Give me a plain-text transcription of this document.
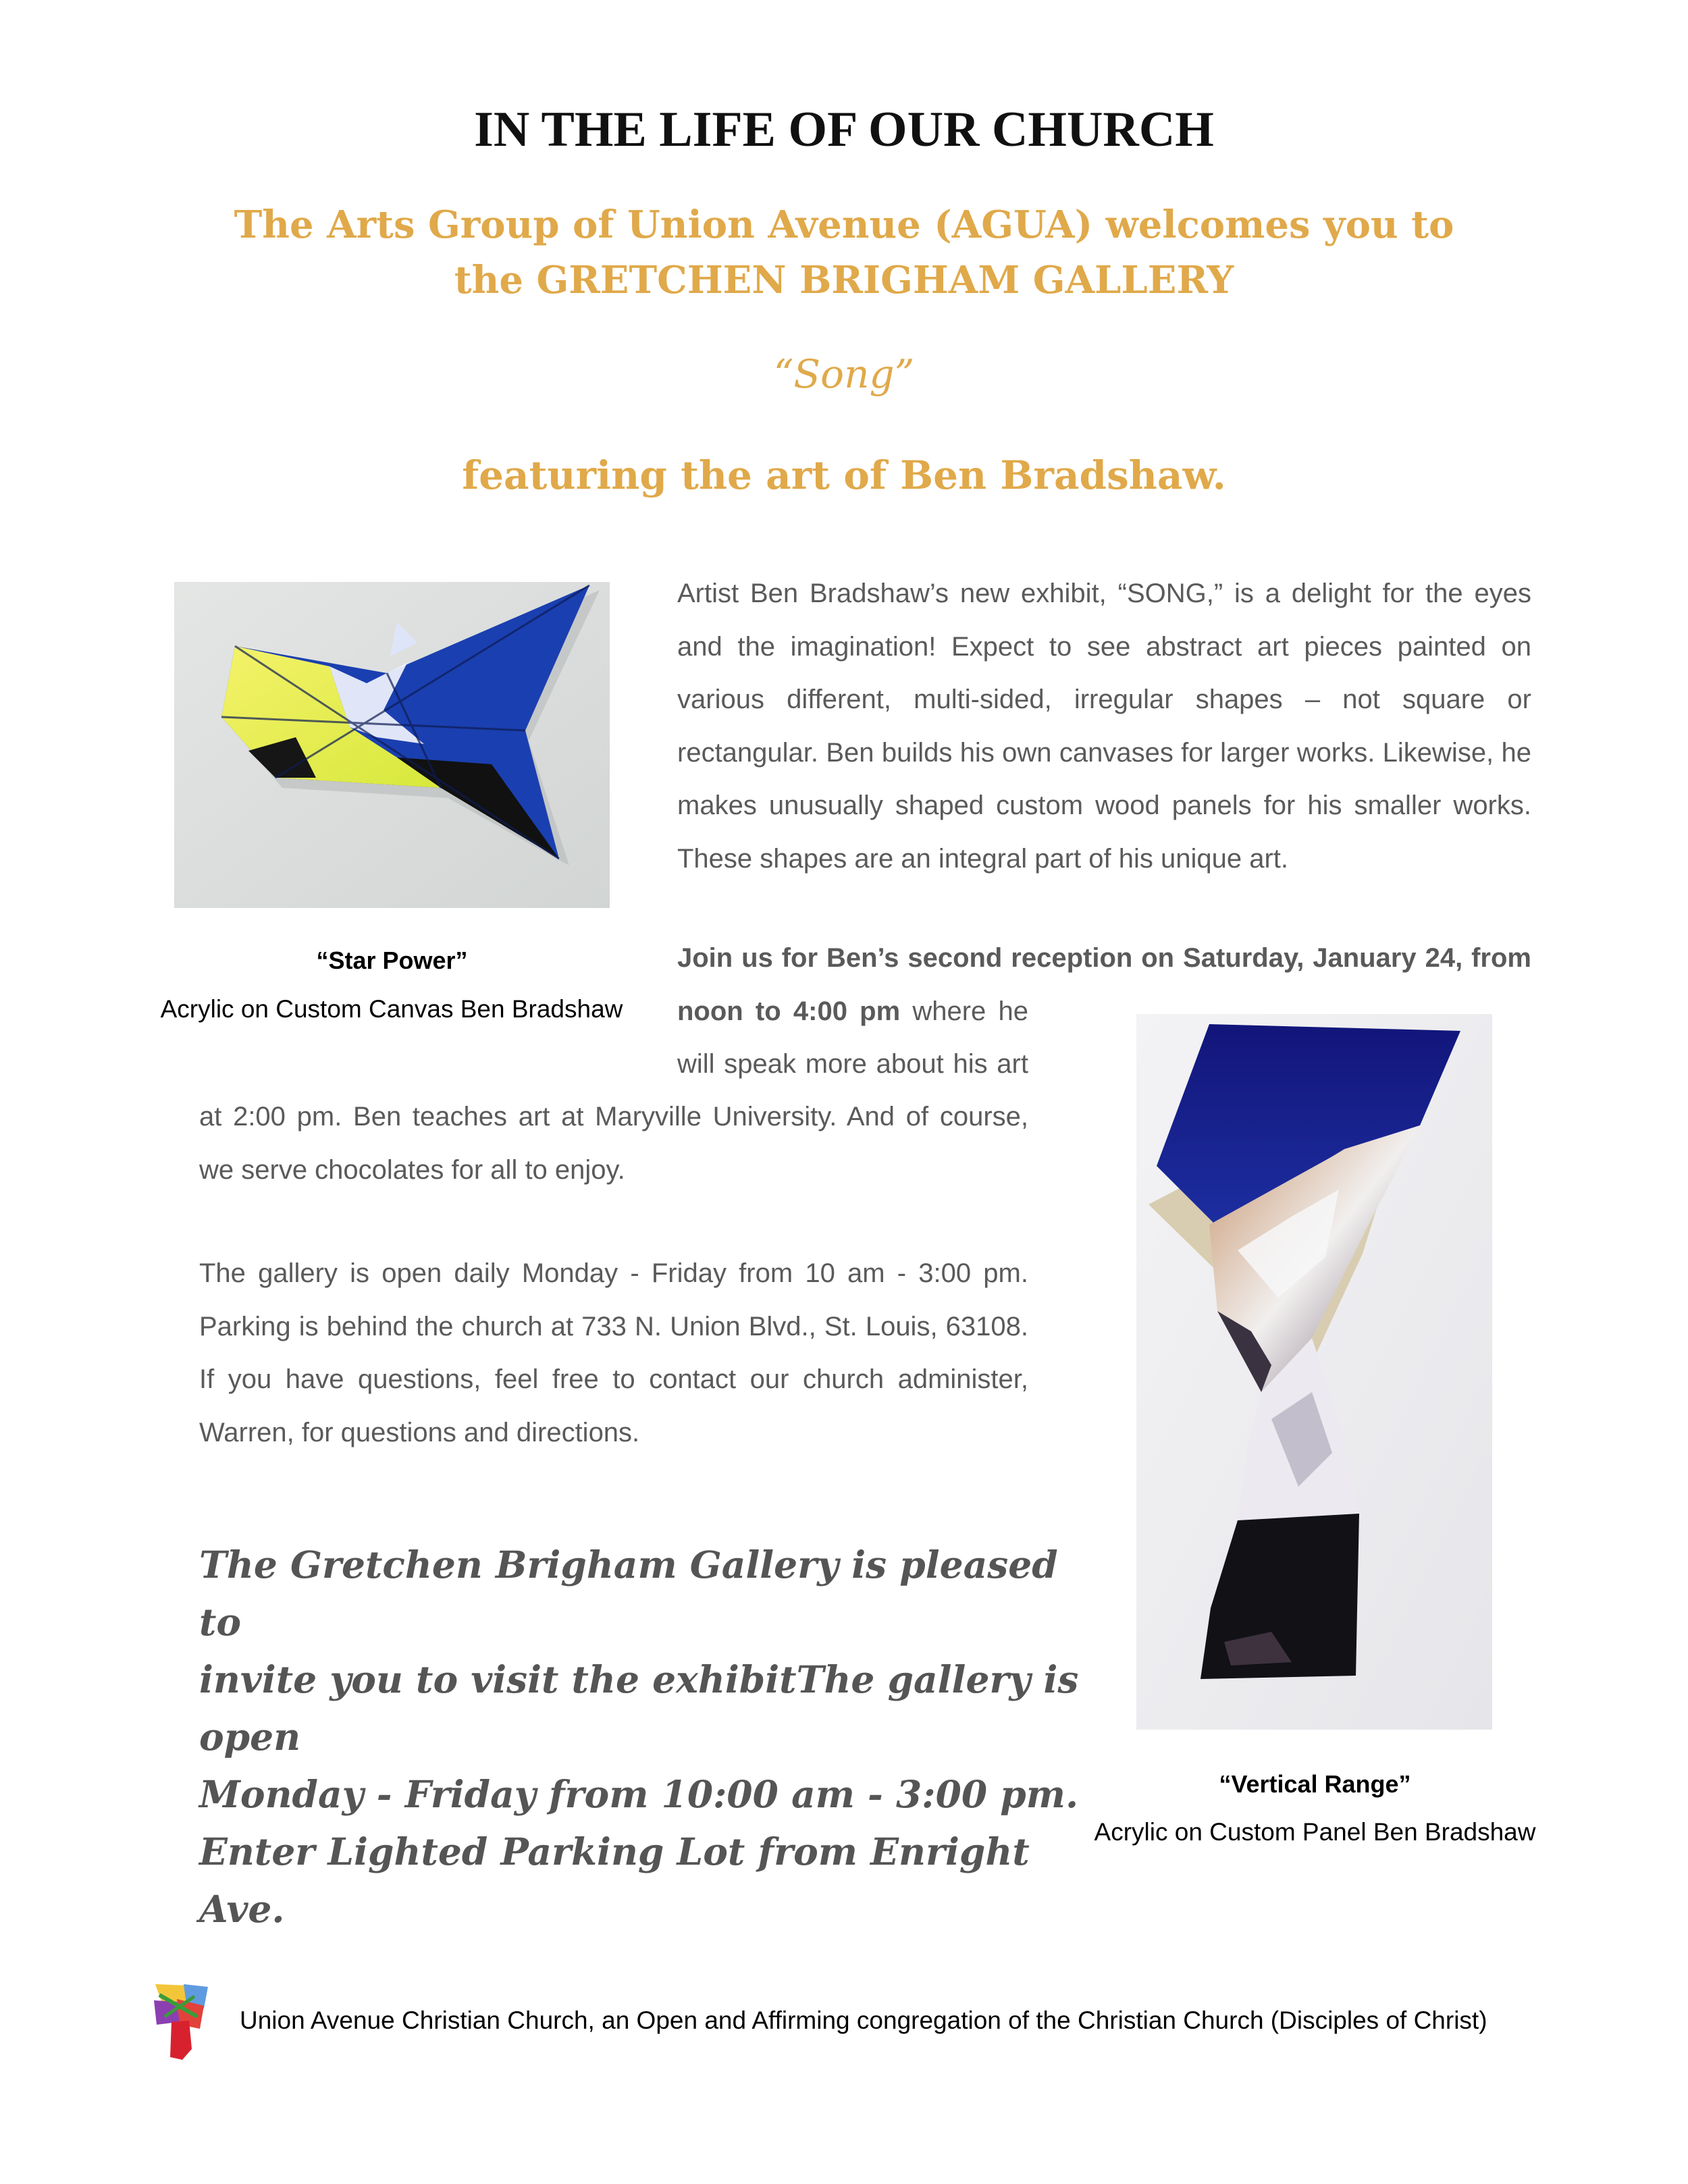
IN THE LIFE OF OUR CHURCH
The Arts Group of Union Avenue (AGUA) welcomes you to
the GRETCHEN BRIGHAM GALLERY
“Song”
featuring the art of Ben Bradshaw.
“Star Power”
Acrylic on Custom Canvas Ben Bradshaw
Artist Ben Bradshaw’s new exhibit, “SONG,” is a delight for the eyes
and the imagination! Expect to see abstract art pieces painted on
various different, multi-sided, irregular shapes – not square or
rectangular. Ben builds his own canvases for larger works. Likewise, he
makes unusually shaped custom wood panels for his smaller works.
These shapes are an integral part of his unique art.
Join us for Ben’s second reception on Saturday, January 24, from
noon to 4:00 pm where he
will speak more about his art
at 2:00 pm. Ben teaches art at Maryville University. And of course,
we serve chocolates for all to enjoy.
The gallery is open daily Monday - Friday from 10 am - 3:00 pm.
Parking is behind the church at 733 N. Union Blvd., St. Louis, 63108.
If you have questions, feel free to contact our church administer,
Warren, for questions and directions.
“Vertical Range”
Acrylic on Custom Panel Ben Bradshaw
The Gretchen Brigham Gallery is pleased to
invite you to visit the exhibitThe gallery is open
Monday - Friday from 10:00 am - 3:00 pm.
Enter Lighted Parking Lot from Enright Ave.
Union Avenue Christian Church, an Open and Affirming congregation of the Christian Church (Disciples of Christ)
